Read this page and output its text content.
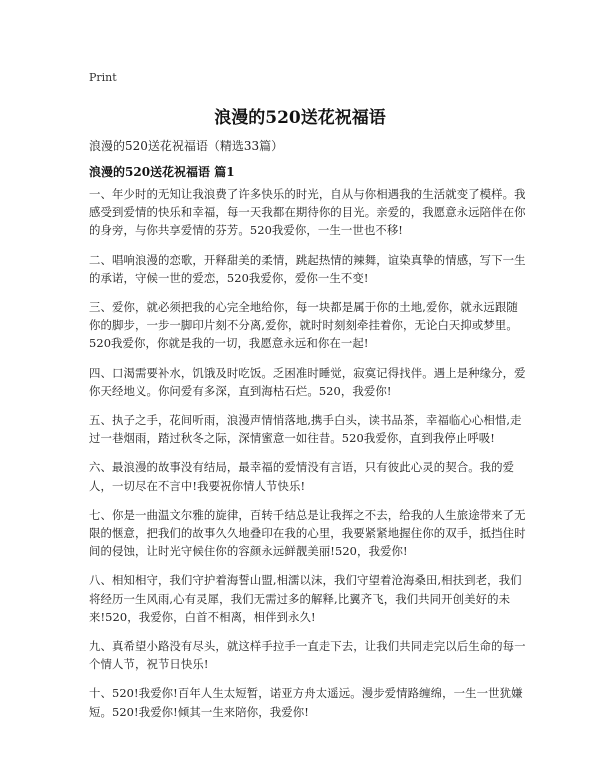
Print
浪漫的520送花祝福语
浪漫的520送花祝福语（精选33篇）
浪漫的520送花祝福语 篇1

一、年少时的无知让我浪费了许多快乐的时光，自从与你相遇我的生活就变了模样。我感受到爱情的快乐和幸福，每一天我都在期待你的目光。亲爱的，我愿意永远陪伴在你的身旁，与你共享爱情的芬芳。520我爱你，一生一世也不移!

二、唱响浪漫的恋歌，开释甜美的柔情，跳起热情的辣舞，谊染真挚的情感，写下一生的承诺，守候一世的爱恋，520我爱你，爱你一生不变!

三、爱你，就必须把我的心完全地给你，每一块都是属于你的土地,爱你，就永远跟随你的脚步，一步一脚印片刻不分离,爱你，就时时刻刻牵挂着你，无论白天抑或梦里。520我爱你，你就是我的一切，我愿意永远和你在一起!

四、口渴需要补水，饥饿及时吃饭。乏困准时睡觉，寂寞记得找伴。遇上是种缘分，爱你天经地义。你问爱有多深，直到海枯石烂。520，我爱你!

五、执子之手，花间听雨，浪漫声情悄落地,携手白头，读书品茶，幸福临心心相惜,走过一巷烟雨，踏过秋冬之际，深情蜜意一如往昔。520我爱你，直到我停止呼吸!

六、最浪漫的故事没有结局，最幸福的爱情没有言语，只有彼此心灵的契合。我的爱人，一切尽在不言中!我要祝你情人节快乐!

七、你是一曲温文尔雅的旋律，百转千结总是让我挥之不去，给我的人生旅途带来了无限的惬意，把我们的故事久久地叠印在我的心里，我要紧紧地握住你的双手，抵挡住时间的侵蚀，让时光守候住你的容颜永远鲜靓美丽!520，我爱你!

八、相知相守，我们守护着海誓山盟,相濡以沫，我们守望着沧海桑田,相扶到老，我们将经历一生风雨,心有灵犀，我们无需过多的解释,比翼齐飞，我们共同开创美好的未来!520，我爱你，白首不相离，相伴到永久!

九、真希望小路没有尽头，就这样手拉手一直走下去，让我们共同走完以后生命的每一个情人节，祝节日快乐!

十、520!我爱你!百年人生太短暂，诺亚方舟太遥远。漫步爱情路缠绵，一生一世犹嫌短。520!我爱你!倾其一生来陪你，我爱你!
